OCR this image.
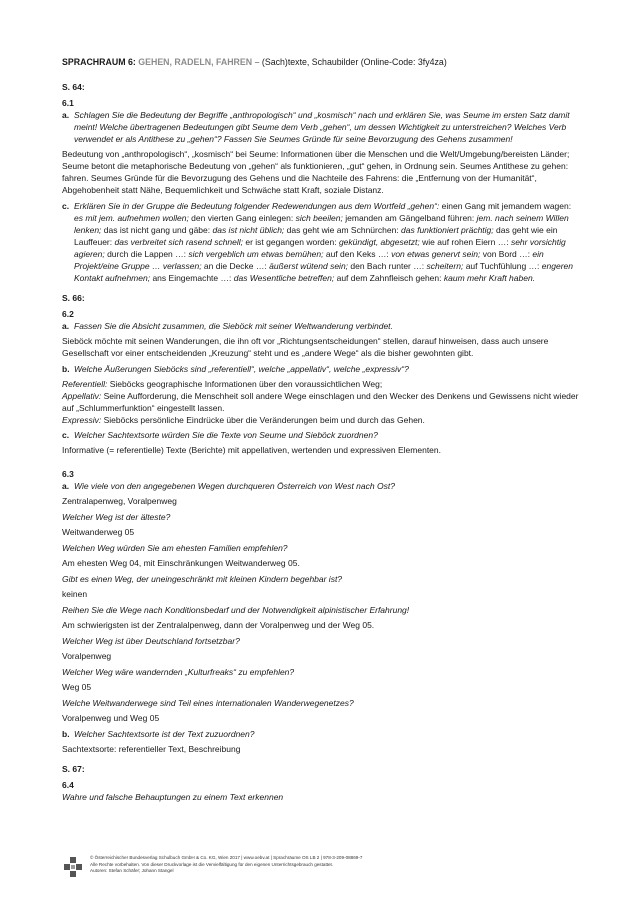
SPRACHRAUM 6: GEHEN, RADELN, FAHREN – (Sach)texte, Schaubilder (Online-Code: 3fy4za)
S. 64:
6.1
a. Schlagen Sie die Bedeutung der Begriffe „anthropologisch“ und „kosmisch“ nach und erklären Sie, was Seume im ersten Satz damit meint! Welche übertragenen Bedeutungen gibt Seume dem Verb „gehen“, um dessen Wichtigkeit zu unterstreichen? Welches Verb verwendet er als Antithese zu „gehen“? Fassen Sie Seumes Gründe für seine Bevorzugung des Gehens zusammen!
Bedeutung von „anthropologisch“, „kosmisch“ bei Seume: Informationen über die Menschen und die Welt/Umgebung/bereisten Länder; Seume betont die metaphorische Bedeutung von „gehen“ als funktionieren, „gut“ gehen, in Ordnung sein. Seumes Antithese zu gehen: fahren. Seumes Gründe für die Bevorzugung des Gehens und die Nachteile des Fahrens: die „Entfernung von der Humanität“, Abgehobenheit statt Nähe, Bequemlichkeit und Schwäche statt Kraft, soziale Distanz.
c. Erklären Sie in der Gruppe die Bedeutung folgender Redewendungen aus dem Wortfeld „gehen“: einen Gang mit jemandem wagen: es mit jem. aufnehmen wollen; den vierten Gang einlegen: sich beeilen; jemanden am Gängelband führen: jem. nach seinem Willen lenken; das ist nicht gang und gäbe: das ist nicht üblich; das geht wie am Schnürchen: das funktioniert prächtig; das geht wie ein Lauffeuer: das verbreitet sich rasend schnell; er ist gegangen worden: gekündigt, abgesetzt; wie auf rohen Eiern …: sehr vorsichtig agieren; durch die Lappen …: sich vergeblich um etwas bemühen; auf den Keks …: von etwas genervt sein; von Bord …: ein Projekt/eine Gruppe … verlassen; an die Decke …: äußerst wütend sein; den Bach runter …: scheitern; auf Tuchfühlung …: engeren Kontakt aufnehmen; ans Eingemachte …: das Wesentliche betreffen; auf dem Zahnfleisch gehen: kaum mehr Kraft haben.
S. 66:
6.2
a. Fassen Sie die Absicht zusammen, die Sieböck mit seiner Weltwanderung verbindet.
Sieböck möchte mit seinen Wanderungen, die ihn oft vor „Richtungsentscheidungen“ stellen, darauf hinweisen, dass auch unsere Gesellschaft vor einer entscheidenden „Kreuzung“ steht und es „andere Wege“ als die bisher gewohnten gibt.
b. Welche Äußerungen Sieböcks sind „referentiell“, welche „appellativ“, welche „expressiv“?
Referentiell: Sieböcks geographische Informationen über den voraussichtlichen Weg;
Appellativ: Seine Aufforderung, die Menschheit soll andere Wege einschlagen und den Wecker des Denkens und Gewissens nicht wieder auf „Schlummerfunktion“ eingestellt lassen.
Expressiv: Sieböcks persönliche Eindrücke über die Veränderungen beim und durch das Gehen.
c. Welcher Sachtextsorte würden Sie die Texte von Seume und Sieböck zuordnen?
Informative (= referentielle) Texte (Berichte) mit appellativen, wertenden und expressiven Elementen.
6.3
a. Wie viele von den angegebenen Wegen durchqueren Österreich von West nach Ost?
Zentralapenweg, Voralpenweg
Welcher Weg ist der älteste?
Weitwanderweg 05
Welchen Weg würden Sie am ehesten Familien empfehlen?
Am ehesten Weg 04, mit Einschränkungen Weitwanderweg 05.
Gibt es einen Weg, der uneingeschränkt mit kleinen Kindern begehbar ist?
keinen
Reihen Sie die Wege nach Konditionsbedarf und der Notwendigkeit alpinistischer Erfahrung!
Am schwierigsten ist der Zentralalpenweg, dann der Voralpenweg und der Weg 05.
Welcher Weg ist über Deutschland fortsetzbar?
Voralpenweg
Welcher Weg wäre wandernden „Kulturfreaks“ zu empfehlen?
Weg 05
Welche Weitwanderwege sind Teil eines internationalen Wanderwegenetzes?
Voralpenweg und Weg 05
b. Welcher Sachtextsorte ist der Text zuzuordnen?
Sachtextsorte: referentieller Text, Beschreibung
S. 67:
6.4
Wahre und falsche Behauptungen zu einem Text erkennen
© Österreichischer Bundesverlag Schulbuch GmbH & Co. KG, Wien 2017 | www.oebv.at | Sprachräume OS LB 2 | 978-3-209-08869-7
Alle Rechte vorbehalten. Von dieser Druckvorlage ist die Vervielfältigung für den eigenen Unterrichtsgebrauch gestattet.
Autoren: Stefan Schäfer; Johann Stangel
